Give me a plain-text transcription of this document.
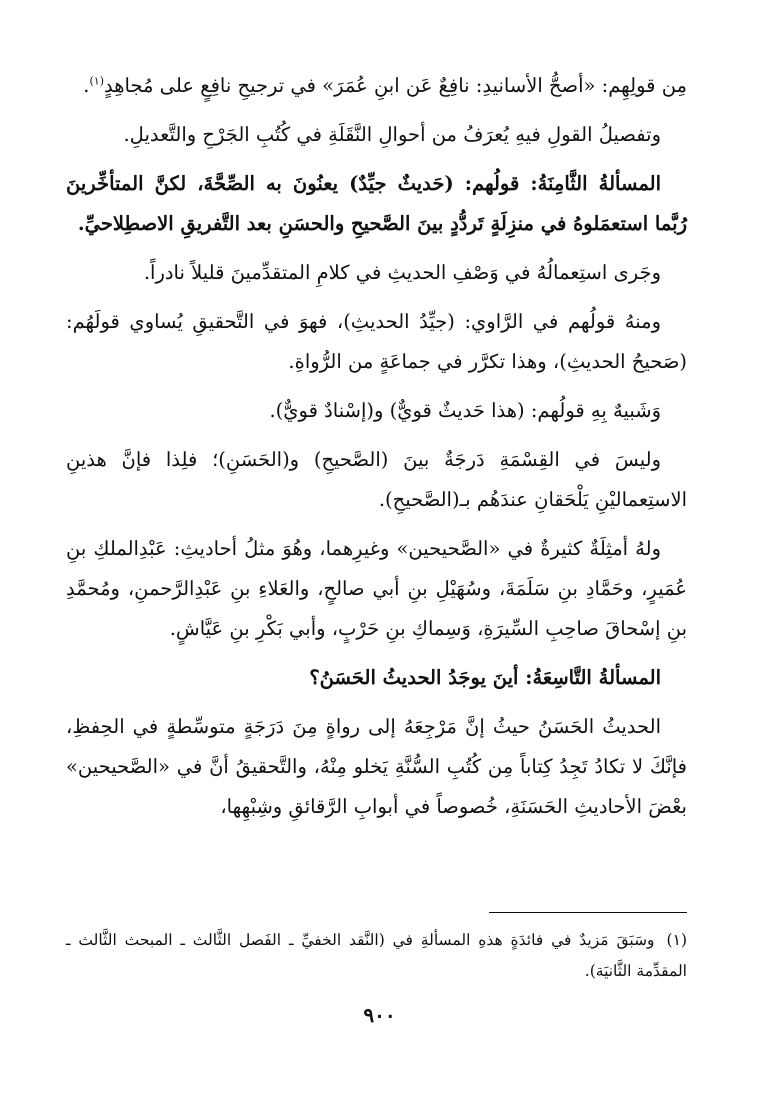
مِن قولِهِم: «أصحُّ الأسانيدِ: نافِعٌ عَن ابنِ عُمَرَ» في ترجيحِ نافِعٍ على مُجاهِدٍ$^{(١)}$.

وتفصيلُ القولِ فيهِ يُعرَفُ من أحوالِ النَّقَلَةِ في كُتُبِ الجَرْحِ والتَّعديلِ.

المسألةُ الثَّامِنَةُ: قولُهم: (حَديثٌ جيِّدٌ) يعنُونَ به الصِّحَّةَ، لكنَّ المتأخِّرينَ رُبَّما استعمَلوهُ في منزِلَةٍ تَردُّدٍ بينَ الصَّحيحِ والحسَنِ بعد التَّفريقِ الاصطِلاحيِّ.

وجَرى استِعمالُهُ في وَصْفِ الحديثِ في كلامِ المتقدِّمينَ قليلاً نادراً.

ومنهُ قولُهم في الرَّاوي: (جيِّدُ الحديثِ)، فهوَ في التَّحقيقِ يُساوي قولَهُم: (صَحيحُ الحديثِ)، وهذا تكرَّر في جماعَةٍ من الرُّواةِ.

وَشَبيهٌ بِهِ قولُهم: (هذا حَديثٌ قويٌّ) و(إسْنادٌ قويٌّ).

وليسَ في القِسْمَةِ دَرجَةٌ بينَ (الصَّحيحِ) و(الحَسَنِ)؛ فلِذا فإنَّ هذينِ الاستِعماليْنِ يَلْحَقانِ عندَهُم بـ(الصَّحيحِ).

ولهُ أمثِلَةٌ كثيرةٌ في «الصَّحيحين» وغيرِهما، وهُوَ مثلُ أحاديثِ: عَبْدِالملكِ بنِ عُمَيرٍ، وحَمَّادِ بنِ سَلَمَةَ، وسُهَيْلِ بنِ أبي صالحٍ، والعَلاءِ بنِ عَبْدِالرَّحمنِ، ومُحمَّدِ بنِ إسْحاقَ صاحِبِ السِّيرَةِ، وَسِماكِ بنِ حَرْبٍ، وأبي بَكْرِ بنِ عَيَّاشٍ.

المسألةُ التَّاسِعَةُ: أينَ يوجَدُ الحديثُ الحَسَنُ؟

الحديثُ الحَسَنُ حيثُ إنَّ مَرْجِعَهُ إلى رواةٍ مِنَ دَرَجَةٍ متوسِّطةٍ في الحِفظِ، فإنَّكَ لا تكادُ تَجِدُ كِتاباً مِن كُتُبِ السُّنَّةِ يَخلو مِنْهُ، والتَّحقيقُ أنَّ في «الصَّحيحين» بعْضَ الأحاديثِ الحَسَنَةِ، خُصوصاً في أبوابِ الرَّقائقِ وشِبْهِها،

(١)وسَبَقَ مَزيدٌ في فائدَةٍ هذهِ المسألةِ في (النَّقد الخفيِّ ـ الفَصل الثَّالث ـ المبحث الثَّالث ـ المقدِّمة الثَّانيَة).
٩٠٠
